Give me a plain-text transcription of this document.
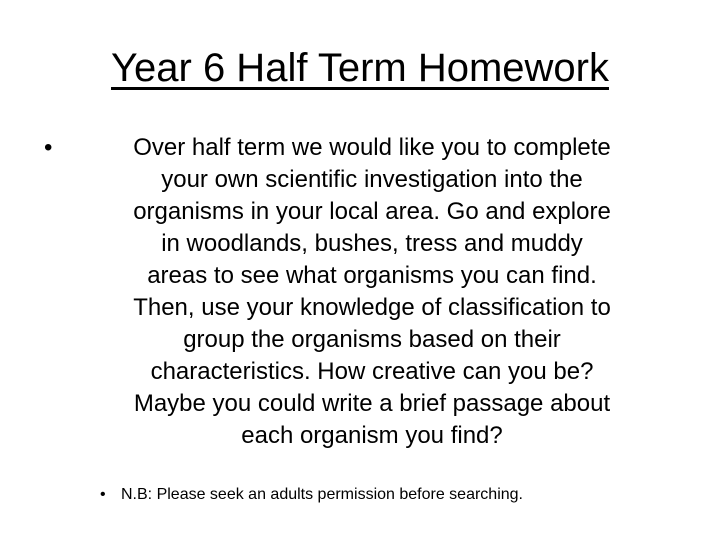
Year 6 Half Term Homework
•	Over half term we would like you to complete
your own scientific investigation into the
organisms in your local area. Go and explore
in woodlands, bushes, tress and muddy
areas to see what organisms you can find.
Then, use your knowledge of classification to
group the organisms based on their
characteristics. How creative can you be?
Maybe you could write a brief passage about
each organism you find?
• N.B: Please seek an adults permission before searching.
